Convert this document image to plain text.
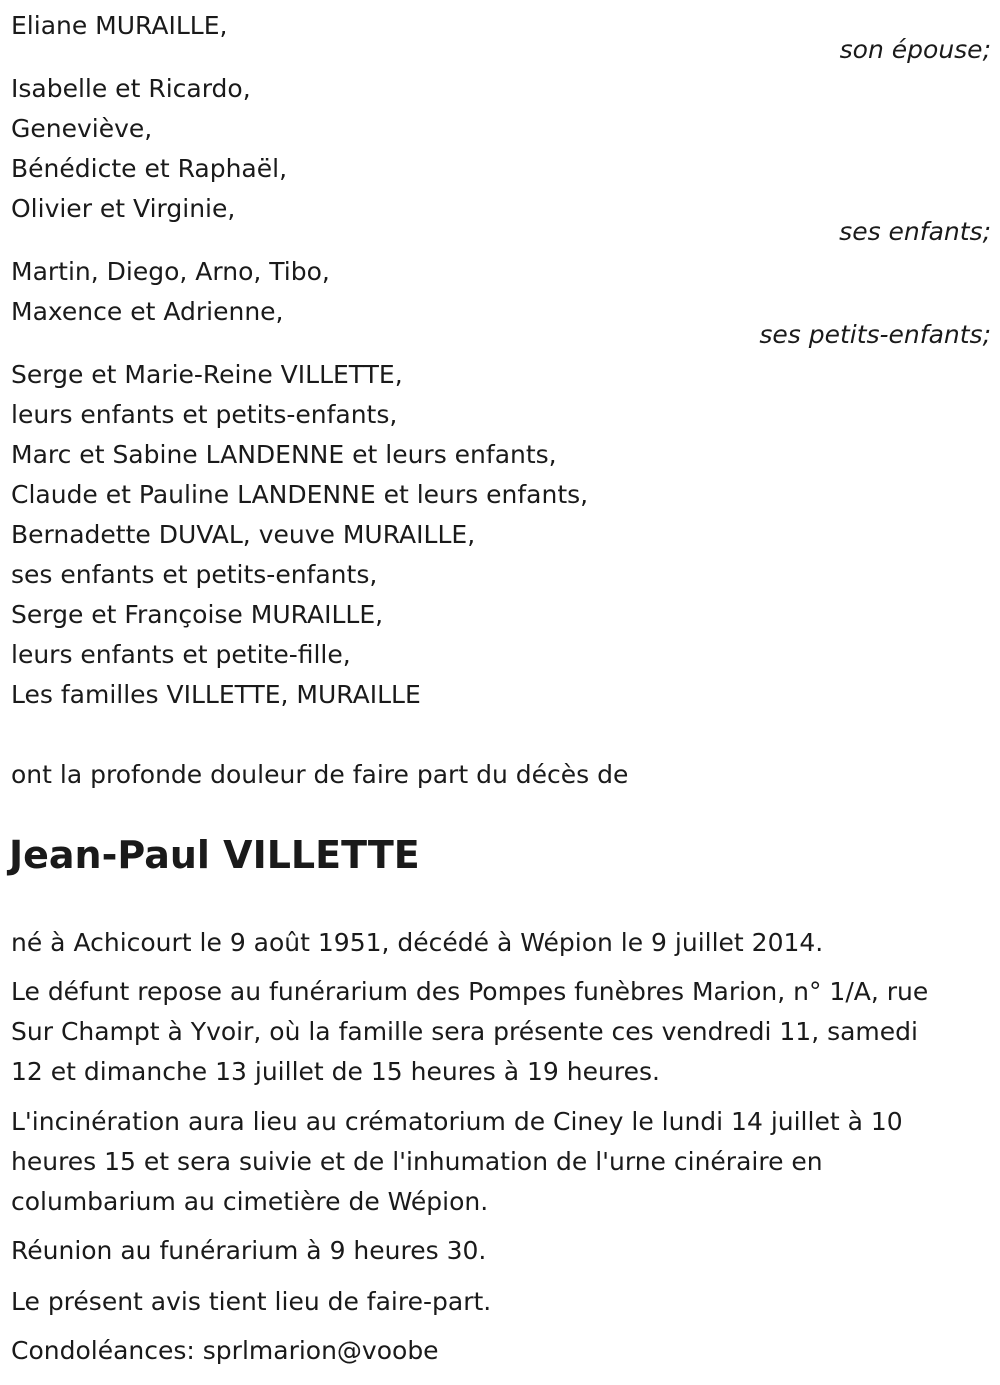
Eliane MURAILLE,
son épouse;
Isabelle et Ricardo,
Geneviève,
Bénédicte et Raphaël,
Olivier et Virginie,
ses enfants;
Martin, Diego, Arno, Tibo,
Maxence et Adrienne,
ses petits-enfants;
Serge et Marie-Reine VILLETTE,
leurs enfants et petits-enfants,
Marc et Sabine LANDENNE et leurs enfants,
Claude et Pauline LANDENNE et leurs enfants,
Bernadette DUVAL, veuve MURAILLE,
ses enfants et petits-enfants,
Serge et Françoise MURAILLE,
leurs enfants et petite-fille,
Les familles VILLETTE, MURAILLE
ont la profonde douleur de faire part du décès de
Jean-Paul VILLETTE
né à Achicourt le 9 août 1951, décédé à Wépion le 9 juillet 2014.
Le défunt repose au funérarium des Pompes funèbres Marion, n° 1/A, rue
Sur Champt à Yvoir, où la famille sera présente ces vendredi 11, samedi
12 et dimanche 13 juillet de 15 heures à 19 heures.
L'incinération aura lieu au crématorium de Ciney le lundi 14 juillet à 10
heures 15 et sera suivie et de l'inhumation de l'urne cinéraire en
columbarium au cimetière de Wépion.
Réunion au funérarium à 9 heures 30.
Le présent avis tient lieu de faire-part.
Condoléances: sprlmarion@voobe
